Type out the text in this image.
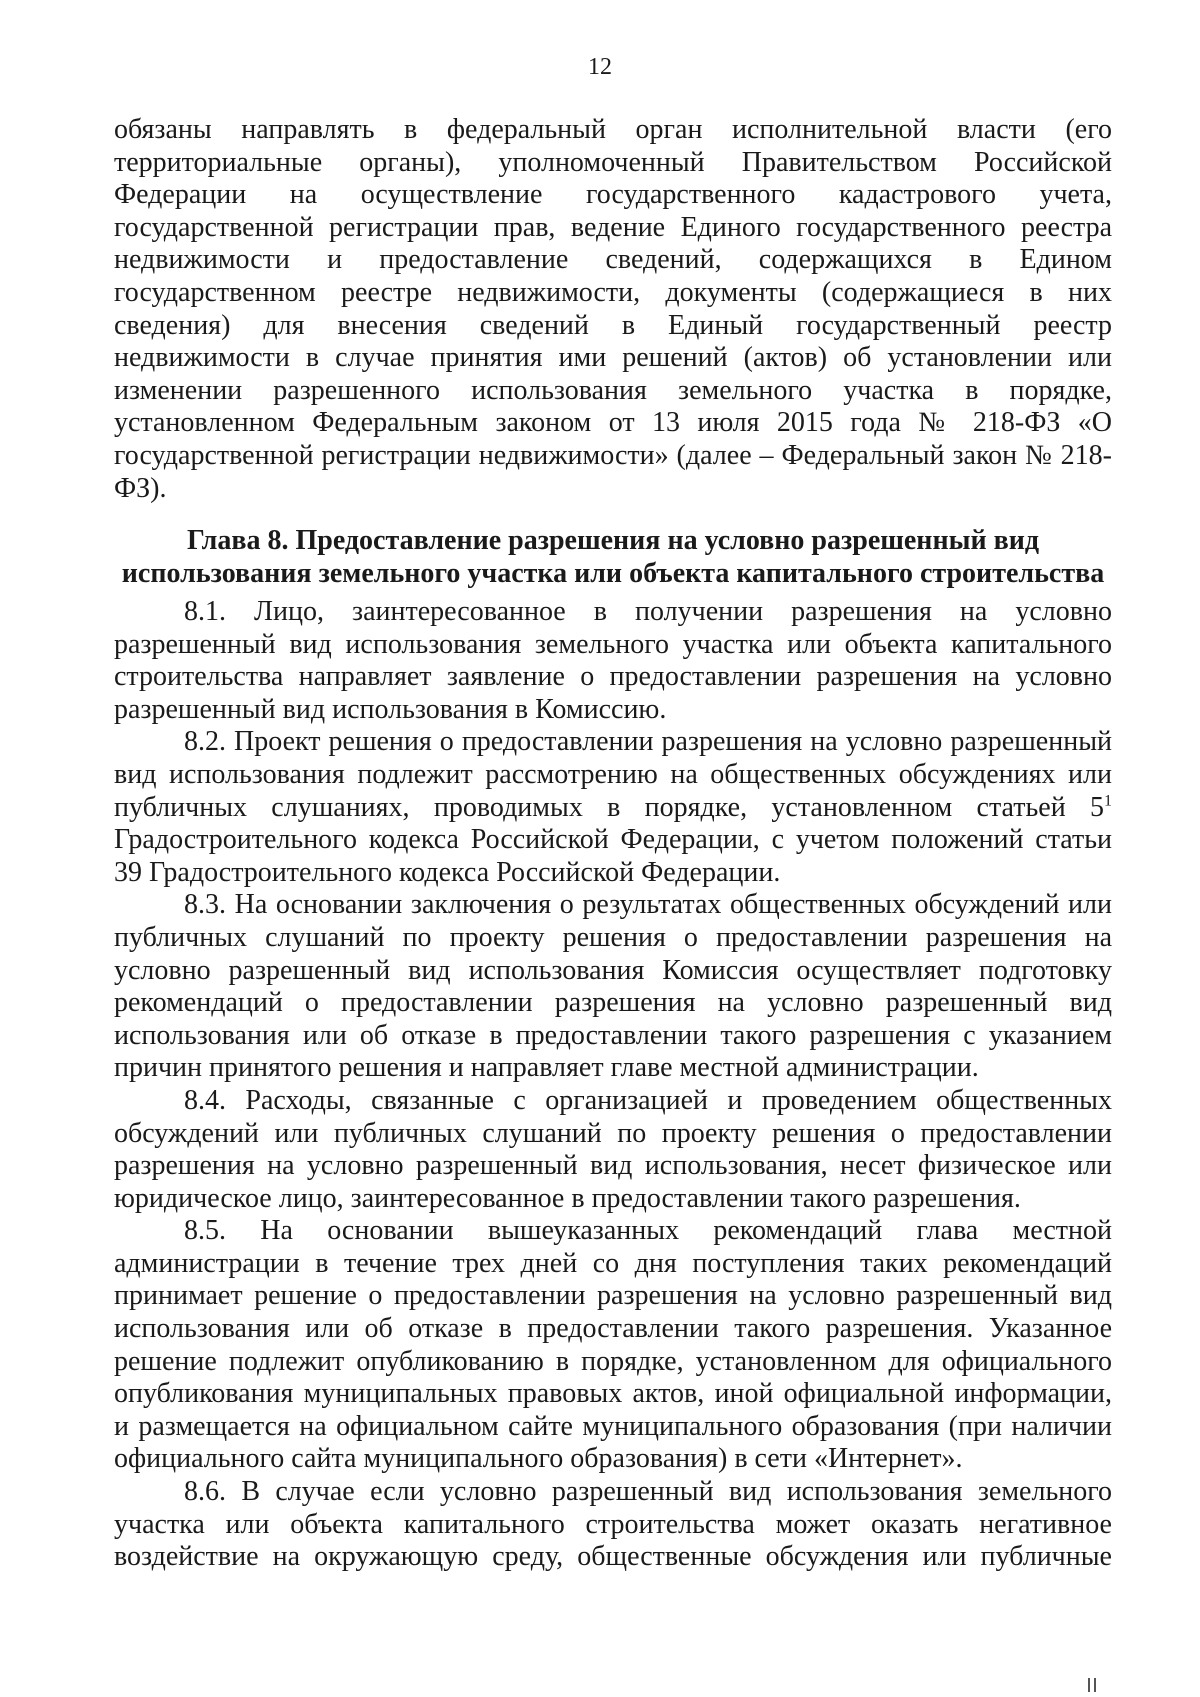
12
обязаны направлять в федеральный орган исполнительной власти (его территориальные органы), уполномоченный Правительством Российской Федерации на осуществление государственного кадастрового учета, государственной регистрации прав, ведение Единого государственного реестра недвижимости и предоставление сведений, содержащихся в Едином государственном реестре недвижимости, документы (содержащиеся в них сведения) для внесения сведений в Единый государственный реестр недвижимости в случае принятия ими решений (актов) об установлении или изменении разрешенного использования земельного участка в порядке, установленном Федеральным законом от 13 июля 2015 года № 218-ФЗ «О государственной регистрации недвижимости» (далее – Федеральный закон № 218-ФЗ).
Глава 8. Предоставление разрешения на условно разрешенный вид
использования земельного участка или объекта капитального строительства

8.1. Лицо, заинтересованное в получении разрешения на условно разрешенный вид использования земельного участка или объекта капитального строительства направляет заявление о предоставлении разрешения на условно разрешенный вид использования в Комиссию.

8.2. Проект решения о предоставлении разрешения на условно разрешенный вид использования подлежит рассмотрению на общественных обсуждениях или публичных слушаниях, проводимых в порядке, установленном статьей $5^1$ Градостроительного кодекса Российской Федерации, с учетом положений статьи 39 Градостроительного кодекса Российской Федерации.

8.3. На основании заключения о результатах общественных обсуждений или публичных слушаний по проекту решения о предоставлении разрешения на условно разрешенный вид использования Комиссия осуществляет подготовку рекомендаций о предоставлении разрешения на условно разрешенный вид использования или об отказе в предоставлении такого разрешения с указанием причин принятого решения и направляет главе местной администрации.

8.4. Расходы, связанные с организацией и проведением общественных обсуждений или публичных слушаний по проекту решения о предоставлении разрешения на условно разрешенный вид использования, несет физическое или юридическое лицо, заинтересованное в предоставлении такого разрешения.

8.5. На основании вышеуказанных рекомендаций глава местной администрации в течение трех дней со дня поступления таких рекомендаций принимает решение о предоставлении разрешения на условно разрешенный вид использования или об отказе в предоставлении такого разрешения. Указанное решение подлежит опубликованию в порядке, установленном для официального опубликования муниципальных правовых актов, иной официальной информации, и размещается на официальном сайте муниципального образования (при наличии официального сайта муниципального образования) в сети «Интернет».

8.6. В случае если условно разрешенный вид использования земельного участка или объекта капитального строительства может оказать негативное воздействие на окружающую среду, общественные обсуждения или публичные
